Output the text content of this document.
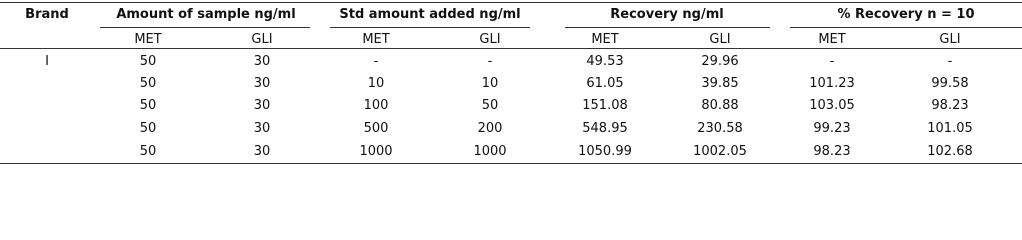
Brand	Amount of sample ng/ml	Std amount added ng/ml	Recovery ng/ml	% Recovery n = 10
MET	GLI	MET	GLI	MET	GLI	MET	GLI
I	50	30	-	-	49.53	29.96	-	-
50	30	10	10	61.05	39.85	101.23	99.58
50	30	100	50	151.08	80.88	103.05	98.23
50	30	500	200	548.95	230.58	99.23	101.05
50	30	1000	1000	1050.99	1002.05	98.23	102.68
